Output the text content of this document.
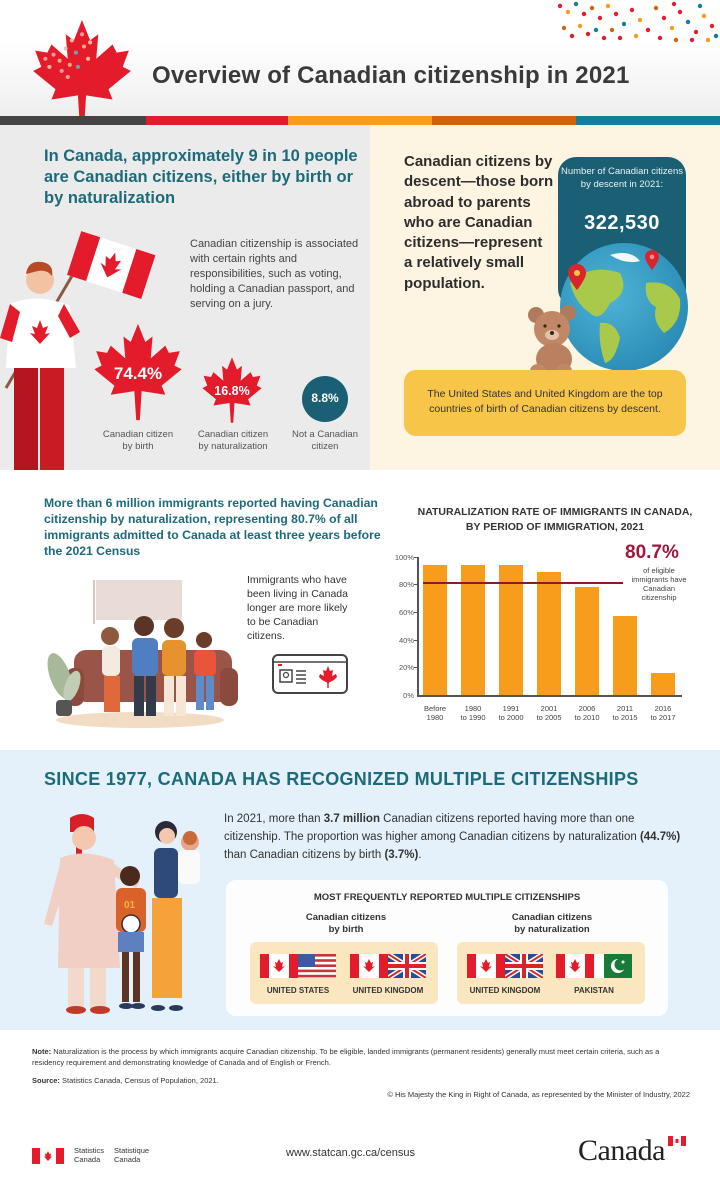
Overview of Canadian citizenship in 2021
In Canada, approximately 9 in 10 people are Canadian citizens, either by birth or by naturalization
Canadian citizenship is associated with certain rights and responsibilities, such as voting, holding a Canadian passport, and serving on a jury.
74.4%
Canadian citizen
by birth
16.8%
Canadian citizen
by naturalization
8.8%
Not a Canadian
citizen
Canadian citizens by descent—those born abroad to parents who are Canadian citizens—represent a relatively small population.
Number of Canadian citizens by descent in 2021:
322,530
The United States and United Kingdom are the top countries of birth of Canadian citizens by descent.
More than 6 million immigrants reported having Canadian citizenship by naturalization, representing 80.7% of all immigrants admitted to Canada at least three years before the 2021 Census
Immigrants who have been living in Canada longer are more likely to be Canadian citizens.
NATURALIZATION RATE OF IMMIGRANTS IN CANADA,
BY PERIOD OF IMMIGRATION, 2021
100%
80%
60%
40%
20%
0%
Before
1980
1980
to 1990
1991
to 2000
2001
to 2005
2006
to 2010
2011
to 2015
2016
to 2017
80.7%
of eligible immigrants have Canadian citizenship
SINCE 1977, CANADA HAS RECOGNIZED MULTIPLE CITIZENSHIPS
In 2021, more than 3.7 million Canadian citizens reported having more than one citizenship. The proportion was higher among Canadian citizens by naturalization (44.7%) than Canadian citizens by birth (3.7%).
01
MOST FREQUENTLY REPORTED MULTIPLE CITIZENSHIPS
Canadian citizens
by birth
Canadian citizens
by naturalization
UNITED STATES	UNITED KINGDOM	UNITED KINGDOM	PAKISTAN
Note: Naturalization is the process by which immigrants acquire Canadian citizenship. To be eligible, landed immigrants (permanent residents) generally must meet certain criteria, such as a residency requirement and demonstrating knowledge of Canada and of English or French.
Source: Statistics Canada, Census of Population, 2021.
© His Majesty the King in Right of Canada, as represented by the Minister of Industry, 2022
Statistics
Canada
Statistique
Canada	www.statcan.gc.ca/census	Canada
